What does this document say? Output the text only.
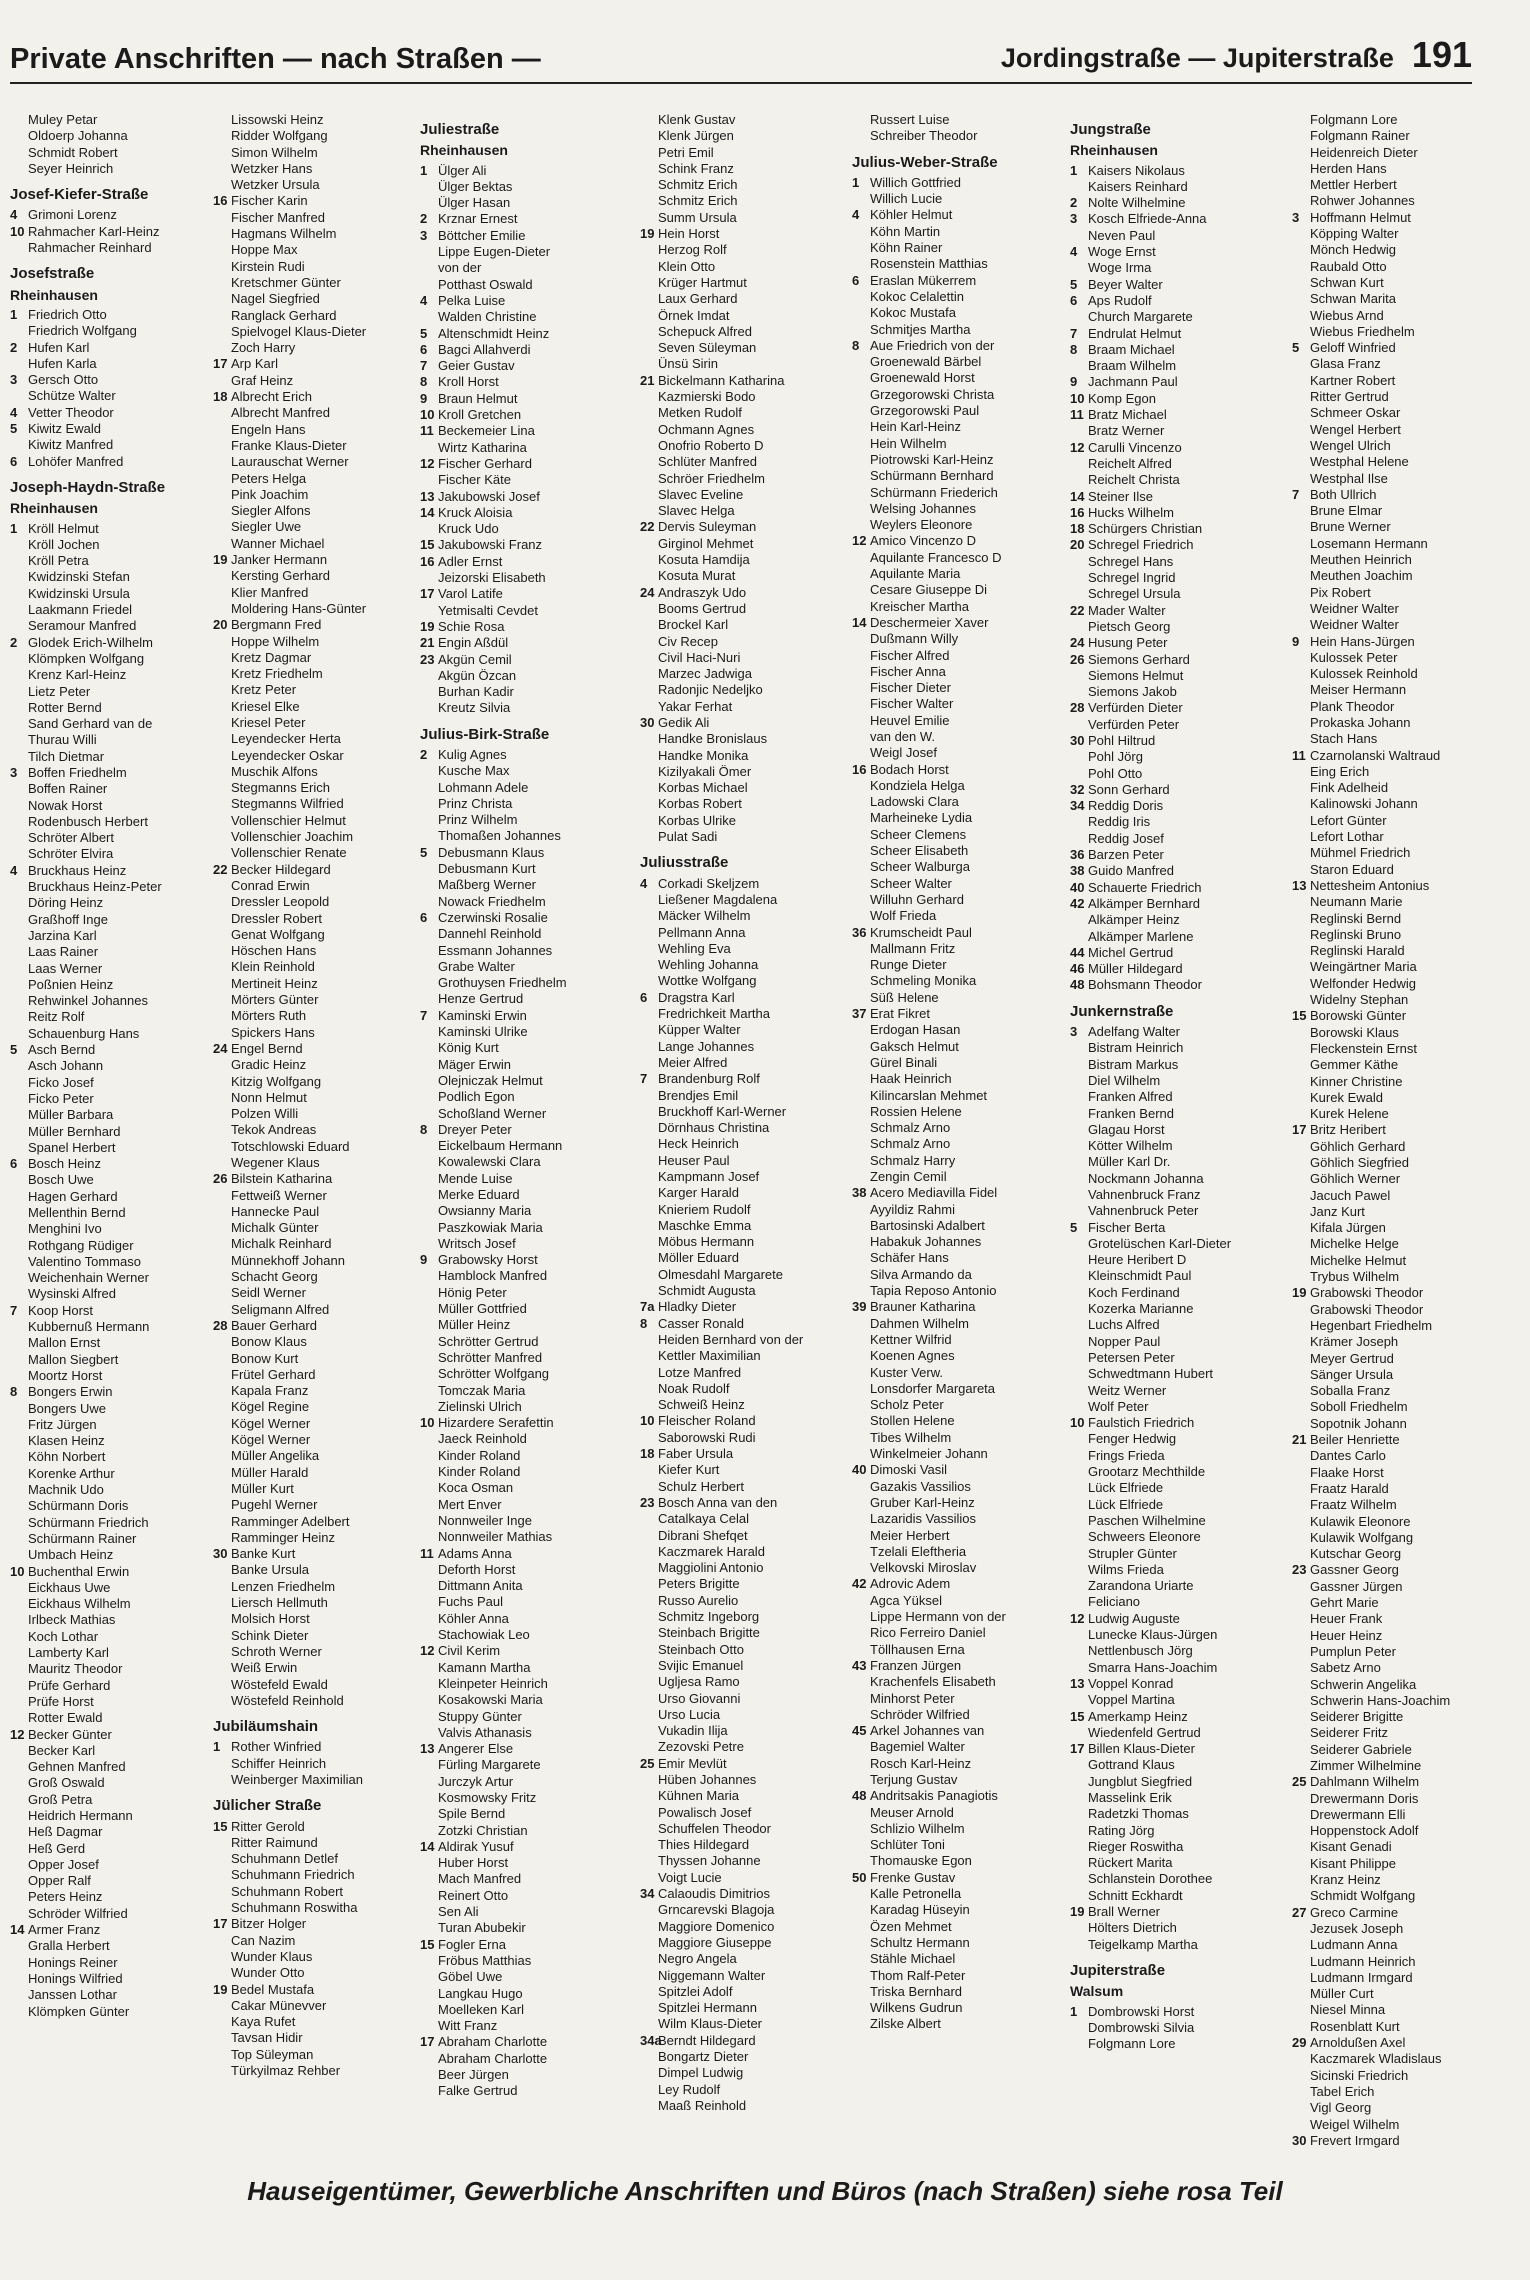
Private Anschriften — nach Straßen —	Jordingstraße — Jupiterstraße 191
Muley Petar
Oldoerp Johanna
Schmidt Robert
Seyer Heinrich
Josef-Kiefer-Straße
4 Grimoni Lorenz
10 Rahmacher Karl-Heinz
Rahmacher Reinhard
Josefstraße
Rheinhausen
1 Friedrich Otto
Friedrich Wolfgang
2 Hufen Karl
Hufen Karla
3 Gersch Otto
Schütze Walter
4 Vetter Theodor
5 Kiwitz Ewald
Kiwitz Manfred
6 Lohöfer Manfred
Joseph-Haydn-Straße
Rheinhausen
1 Kröll Helmut
Kröll Jochen
Kröll Petra
Kwidzinski Stefan
Kwidzinski Ursula
Laakmann Friedel
Seramour Manfred
2 Glodek Erich-Wilhelm
Klömpken Wolfgang
Krenz Karl-Heinz
Lietz Peter
Rotter Bernd
Sand Gerhard van de
Thurau Willi
Tilch Dietmar
3 Boffen Friedhelm
Boffen Rainer
Nowak Horst
Rodenbusch Herbert
Schröter Albert
Schröter Elvira
4 Bruckhaus Heinz
Bruckhaus Heinz-Peter
Döring Heinz
Graßhoff Inge
Jarzina Karl
Laas Rainer
Laas Werner
Poßnien Heinz
Rehwinkel Johannes
Reitz Rolf
Schauenburg Hans
5 Asch Bernd
Asch Johann
Ficko Josef
Ficko Peter
Müller Barbara
Müller Bernhard
Spanel Herbert
6 Bosch Heinz
Bosch Uwe
Hagen Gerhard
Mellenthin Bernd
Menghini Ivo
Rothgang Rüdiger
Valentino Tommaso
Weichenhain Werner
Wysinski Alfred
7 Koop Horst
Kubbernuß Hermann
Mallon Ernst
Mallon Siegbert
Moortz Horst
8 Bongers Erwin
Bongers Uwe
Fritz Jürgen
Klasen Heinz
Köhn Norbert
Korenke Arthur
Machnik Udo
Schürmann Doris
Schürmann Friedrich
Schürmann Rainer
Umbach Heinz
10 Buchenthal Erwin
Eickhaus Uwe
Eickhaus Wilhelm
Irlbeck Mathias
Koch Lothar
Lamberty Karl
Mauritz Theodor
Prüfe Gerhard
Prüfe Horst
Rotter Ewald
12 Becker Günter
Becker Karl
Gehnen Manfred
Groß Oswald
Groß Petra
Heidrich Hermann
Heß Dagmar
Heß Gerd
Opper Josef
Opper Ralf
Peters Heinz
Schröder Wilfried
14 Armer Franz
Gralla Herbert
Honings Reiner
Honings Wilfried
Janssen Lothar
Klömpken Günter
Lissowski Heinz
Ridder Wolfgang
Simon Wilhelm
Wetzker Hans
Wetzker Ursula
16 Fischer Karin
Fischer Manfred
Hagmans Wilhelm
Hoppe Max
Kirstein Rudi
Kretschmer Günter
Nagel Siegfried
Ranglack Gerhard
Spielvogel Klaus-Dieter
Zoch Harry
17 Arp Karl
Graf Heinz
18 Albrecht Erich
Albrecht Manfred
Engeln Hans
Franke Klaus-Dieter
Laurauschat Werner
Peters Helga
Pink Joachim
Siegler Alfons
Siegler Uwe
Wanner Michael
19 Janker Hermann
Kersting Gerhard
Klier Manfred
Moldering Hans-Günter
20 Bergmann Fred
Hoppe Wilhelm
Kretz Dagmar
Kretz Friedhelm
Kretz Peter
Kriesel Elke
Kriesel Peter
Leyendecker Herta
Leyendecker Oskar
Muschik Alfons
Stegmanns Erich
Stegmanns Wilfried
Vollenschier Helmut
Vollenschier Joachim
Vollenschier Renate
22 Becker Hildegard
Conrad Erwin
Dressler Leopold
Dressler Robert
Genat Wolfgang
Höschen Hans
Klein Reinhold
Mertineit Heinz
Mörters Günter
Mörters Ruth
Spickers Hans
24 Engel Bernd
Gradic Heinz
Kitzig Wolfgang
Nonn Helmut
Polzen Willi
Tekok Andreas
Totschlowski Eduard
Wegener Klaus
26 Bilstein Katharina
Fettweiß Werner
Hannecke Paul
Michalk Günter
Michalk Reinhard
Münnekhoff Johann
Schacht Georg
Seidl Werner
Seligmann Alfred
28 Bauer Gerhard
Bonow Klaus
Bonow Kurt
Frütel Gerhard
Kapala Franz
Kögel Regine
Kögel Werner
Kögel Werner
Müller Angelika
Müller Harald
Müller Kurt
Pugehl Werner
Ramminger Adelbert
Ramminger Heinz
30 Banke Kurt
Banke Ursula
Lenzen Friedhelm
Liersch Hellmuth
Molsich Horst
Schink Dieter
Schroth Werner
Weiß Erwin
Wöstefeld Ewald
Wöstefeld Reinhold
Jubiläumshain
1 Rother Winfried
Schiffer Heinrich
Weinberger Maximilian
Jülicher Straße
15 Ritter Gerold
Ritter Raimund
Schuhmann Detlef
Schuhmann Friedrich
Schuhmann Robert
Schuhmann Roswitha
17 Bitzer Holger
Can Nazim
Wunder Klaus
Wunder Otto
19 Bedel Mustafa
Cakar Münevver
Kaya Rufet
Tavsan Hidir
Top Süleyman
Türkyilmaz Rehber
Juliestraße
Rheinhausen
1 Ülger Ali
Ülger Bektas
Ülger Hasan
2 Krznar Ernest
3 Böttcher Emilie
Lippe Eugen-Dieter
von der
Potthast Oswald
4 Pelka Luise
Walden Christine
5 Altenschmidt Heinz
6 Bagci Allahverdi
7 Geier Gustav
8 Kroll Horst
9 Braun Helmut
10 Kroll Gretchen
11 Beckemeier Lina
Wirtz Katharina
12 Fischer Gerhard
Fischer Käte
13 Jakubowski Josef
14 Kruck Aloisia
Kruck Udo
15 Jakubowski Franz
16 Adler Ernst
Jeizorski Elisabeth
17 Varol Latife
Yetmisalti Cevdet
19 Schie Rosa
21 Engin Aßdül
23 Akgün Cemil
Akgün Özcan
Burhan Kadir
Kreutz Silvia
Julius-Birk-Straße
2 Kulig Agnes
Kusche Max
Lohmann Adele
Prinz Christa
Prinz Wilhelm
Thomaßen Johannes
5 Debusmann Klaus
Debusmann Kurt
Maßberg Werner
Nowack Friedhelm
6 Czerwinski Rosalie
Dannehl Reinhold
Essmann Johannes
Grabe Walter
Grothuysen Friedhelm
Henze Gertrud
7 Kaminski Erwin
Kaminski Ulrike
König Kurt
Mäger Erwin
Olejniczak Helmut
Podlich Egon
Schoßland Werner
8 Dreyer Peter
Eickelbaum Hermann
Kowalewski Clara
Mende Luise
Merke Eduard
Owsianny Maria
Paszkowiak Maria
Writsch Josef
9 Grabowsky Horst
Hamblock Manfred
Hönig Peter
Müller Gottfried
Müller Heinz
Schrötter Gertrud
Schrötter Manfred
Schrötter Wolfgang
Tomczak Maria
Zielinski Ulrich
10 Hizardere Serafettin
Jaeck Reinhold
Kinder Roland
Kinder Roland
Koca Osman
Mert Enver
Nonnweiler Inge
Nonnweiler Mathias
11 Adams Anna
Deforth Horst
Dittmann Anita
Fuchs Paul
Köhler Anna
Stachowiak Leo
12 Civil Kerim
Kamann Martha
Kleinpeter Heinrich
Kosakowski Maria
Stuppy Günter
Valvis Athanasis
13 Angerer Else
Fürling Margarete
Jurczyk Artur
Kosmowsky Fritz
Spile Bernd
Zotzki Christian
14 Aldirak Yusuf
Huber Horst
Mach Manfred
Reinert Otto
Sen Ali
Turan Abubekir
15 Fogler Erna
Fröbus Matthias
Göbel Uwe
Langkau Hugo
Moelleken Karl
Witt Franz
17 Abraham Charlotte
Abraham Charlotte
Beer Jürgen
Falke Gertrud
Klenk Gustav
Klenk Jürgen
Petri Emil
Schink Franz
Schmitz Erich
Schmitz Erich
Summ Ursula
19 Hein Horst
Herzog Rolf
Klein Otto
Krüger Hartmut
Laux Gerhard
Örnek Imdat
Schepuck Alfred
Seven Süleyman
Ünsü Sirin
21 Bickelmann Katharina
Kazmierski Bodo
Metken Rudolf
Ochmann Agnes
Onofrio Roberto D
Schlüter Manfred
Schröer Friedhelm
Slavec Eveline
Slavec Helga
22 Dervis Suleyman
Girginol Mehmet
Kosuta Hamdija
Kosuta Murat
24 Andraszyk Udo
Booms Gertrud
Brockel Karl
Civ Recep
Civil Haci-Nuri
Marzec Jadwiga
Radonjic Nedeljko
Yakar Ferhat
30 Gedik Ali
Handke Bronislaus
Handke Monika
Kizilyakali Ömer
Korbas Michael
Korbas Robert
Korbas Ulrike
Pulat Sadi
Juliusstraße
4 Corkadi Skeljzem
Ließener Magdalena
Mäcker Wilhelm
Pellmann Anna
Wehling Eva
Wehling Johanna
Wottke Wolfgang
6 Dragstra Karl
Fredrichkeit Martha
Küpper Walter
Lange Johannes
Meier Alfred
7 Brandenburg Rolf
Brendjes Emil
Bruckhoff Karl-Werner
Dörnhaus Christina
Heck Heinrich
Heuser Paul
Kampmann Josef
Karger Harald
Knieriem Rudolf
Maschke Emma
Möbus Hermann
Möller Eduard
Olmesdahl Margarete
Schmidt Augusta
7a Hladky Dieter
8 Casser Ronald
Heiden Bernhard von der
Kettler Maximilian
Lotze Manfred
Noak Rudolf
Schweiß Heinz
10 Fleischer Roland
Saborowski Rudi
18 Faber Ursula
Kiefer Kurt
Schulz Herbert
23 Bosch Anna van den
Catalkaya Celal
Dibrani Shefqet
Kaczmarek Harald
Maggiolini Antonio
Peters Brigitte
Russo Aurelio
Schmitz Ingeborg
Steinbach Brigitte
Steinbach Otto
Svijic Emanuel
Ugljesa Ramo
Urso Giovanni
Urso Lucia
Vukadin Ilija
Zezovski Petre
25 Emir Mevlüt
Hüben Johannes
Kühnen Maria
Powalisch Josef
Schuffelen Theodor
Thies Hildegard
Thyssen Johanne
Voigt Lucie
34 Calaoudis Dimitrios
Grncarevski Blagoja
Maggiore Domenico
Maggiore Giuseppe
Negro Angela
Niggemann Walter
Spitzlei Adolf
Spitzlei Hermann
Wilm Klaus-Dieter
34aBerndt Hildegard
Bongartz Dieter
Dimpel Ludwig
Ley Rudolf
Maaß Reinhold
Russert Luise
Schreiber Theodor
Julius-Weber-Straße
1 Willich Gottfried
Willich Lucie
4 Köhler Helmut
Köhn Martin
Köhn Rainer
Rosenstein Matthias
6 Eraslan Mükerrem
Kokoc Celalettin
Kokoc Mustafa
Schmitjes Martha
8 Aue Friedrich von der
Groenewald Bärbel
Groenewald Horst
Grzegorowski Christa
Grzegorowski Paul
Hein Karl-Heinz
Hein Wilhelm
Piotrowski Karl-Heinz
Schürmann Bernhard
Schürmann Friederich
Welsing Johannes
Weylers Eleonore
12 Amico Vincenzo D
Aquilante Francesco D
Aquilante Maria
Cesare Giuseppe Di
Kreischer Martha
14 Deschermeier Xaver
Dußmann Willy
Fischer Alfred
Fischer Anna
Fischer Dieter
Fischer Walter
Heuvel Emilie
van den W.
Weigl Josef
16 Bodach Horst
Kondziela Helga
Ladowski Clara
Marheineke Lydia
Scheer Clemens
Scheer Elisabeth
Scheer Walburga
Scheer Walter
Willuhn Gerhard
Wolf Frieda
36 Krumscheidt Paul
Mallmann Fritz
Runge Dieter
Schmeling Monika
Süß Helene
37 Erat Fikret
Erdogan Hasan
Gaksch Helmut
Gürel Binali
Haak Heinrich
Kilincarslan Mehmet
Rossien Helene
Schmalz Arno
Schmalz Arno
Schmalz Harry
Zengin Cemil
38 Acero Mediavilla Fidel
Ayyildiz Rahmi
Bartosinski Adalbert
Habakuk Johannes
Schäfer Hans
Silva Armando da
Tapia Reposo Antonio
39 Brauner Katharina
Dahmen Wilhelm
Kettner Wilfrid
Koenen Agnes
Kuster Verw.
Lonsdorfer Margareta
Scholz Peter
Stollen Helene
Tibes Wilhelm
Winkelmeier Johann
40 Dimoski Vasil
Gazakis Vassilios
Gruber Karl-Heinz
Lazaridis Vassilios
Meier Herbert
Tzelali Eleftheria
Velkovski Miroslav
42 Adrovic Adem
Agca Yüksel
Lippe Hermann von der
Rico Ferreiro Daniel
Töllhausen Erna
43 Franzen Jürgen
Krachenfels Elisabeth
Minhorst Peter
Schröder Wilfried
45 Arkel Johannes van
Bagemiel Walter
Rosch Karl-Heinz
Terjung Gustav
48 Andritsakis Panagiotis
Meuser Arnold
Schlizio Wilhelm
Schlüter Toni
Thomauske Egon
50 Frenke Gustav
Kalle Petronella
Karadag Hüseyin
Özen Mehmet
Schultz Hermann
Stähle Michael
Thom Ralf-Peter
Triska Bernhard
Wilkens Gudrun
Zilske Albert
Jungstraße
Rheinhausen
1 Kaisers Nikolaus
Kaisers Reinhard
2 Nolte Wilhelmine
3 Kosch Elfriede-Anna
Neven Paul
4 Woge Ernst
Woge Irma
5 Beyer Walter
6 Aps Rudolf
Church Margarete
7 Endrulat Helmut
8 Braam Michael
Braam Wilhelm
9 Jachmann Paul
10 Komp Egon
11 Bratz Michael
Bratz Werner
12 Carulli Vincenzo
Reichelt Alfred
Reichelt Christa
14 Steiner Ilse
16 Hucks Wilhelm
18 Schürgers Christian
20 Schregel Friedrich
Schregel Hans
Schregel Ingrid
Schregel Ursula
22 Mader Walter
Pietsch Georg
24 Husung Peter
26 Siemons Gerhard
Siemons Helmut
Siemons Jakob
28 Verfürden Dieter
Verfürden Peter
30 Pohl Hiltrud
Pohl Jörg
Pohl Otto
32 Sonn Gerhard
34 Reddig Doris
Reddig Iris
Reddig Josef
36 Barzen Peter
38 Guido Manfred
40 Schauerte Friedrich
42 Alkämper Bernhard
Alkämper Heinz
Alkämper Marlene
44 Michel Gertrud
46 Müller Hildegard
48 Bohsmann Theodor
Junkernstraße
3 Adelfang Walter
Bistram Heinrich
Bistram Markus
Diel Wilhelm
Franken Alfred
Franken Bernd
Glagau Horst
Kötter Wilhelm
Müller Karl Dr.
Nockmann Johanna
Vahnenbruck Franz
Vahnenbruck Peter
5 Fischer Berta
Grotelüschen Karl-Dieter
Heure Heribert D
Kleinschmidt Paul
Koch Ferdinand
Kozerka Marianne
Luchs Alfred
Nopper Paul
Petersen Peter
Schwedtmann Hubert
Weitz Werner
Wolf Peter
10 Faulstich Friedrich
Fenger Hedwig
Frings Frieda
Grootarz Mechthilde
Lück Elfriede
Lück Elfriede
Paschen Wilhelmine
Schweers Eleonore
Strupler Günter
Wilms Frieda
Zarandona Uriarte
Feliciano
12 Ludwig Auguste
Lunecke Klaus-Jürgen
Nettlenbusch Jörg
Smarra Hans-Joachim
13 Voppel Konrad
Voppel Martina
15 Amerkamp Heinz
Wiedenfeld Gertrud
17 Billen Klaus-Dieter
Gottrand Klaus
Jungblut Siegfried
Masselink Erik
Radetzki Thomas
Rating Jörg
Rieger Roswitha
Rückert Marita
Schlanstein Dorothee
Schnitt Eckhardt
19 Brall Werner
Hölters Dietrich
Teigelkamp Martha
Jupiterstraße
Walsum
1 Dombrowski Horst
Dombrowski Silvia
Folgmann Lore
Folgmann Lore
Folgmann Rainer
Heidenreich Dieter
Herden Hans
Mettler Herbert
Rohwer Johannes
3 Hoffmann Helmut
Köpping Walter
Mönch Hedwig
Raubald Otto
Schwan Kurt
Schwan Marita
Wiebus Arnd
Wiebus Friedhelm
5 Geloff Winfried
Glasa Franz
Kartner Robert
Ritter Gertrud
Schmeer Oskar
Wengel Herbert
Wengel Ulrich
Westphal Helene
Westphal Ilse
7 Both Ullrich
Brune Elmar
Brune Werner
Losemann Hermann
Meuthen Heinrich
Meuthen Joachim
Pix Robert
Weidner Walter
Weidner Walter
9 Hein Hans-Jürgen
Kulossek Peter
Kulossek Reinhold
Meiser Hermann
Plank Theodor
Prokaska Johann
Stach Hans
11 Czarnolanski Waltraud
Eing Erich
Fink Adelheid
Kalinowski Johann
Lefort Günter
Lefort Lothar
Mühmel Friedrich
Staron Eduard
13 Nettesheim Antonius
Neumann Marie
Reglinski Bernd
Reglinski Bruno
Reglinski Harald
Weingärtner Maria
Welfonder Hedwig
Widelny Stephan
15 Borowski Günter
Borowski Klaus
Fleckenstein Ernst
Gemmer Käthe
Kinner Christine
Kurek Ewald
Kurek Helene
17 Britz Heribert
Göhlich Gerhard
Göhlich Siegfried
Göhlich Werner
Jacuch Pawel
Janz Kurt
Kifala Jürgen
Michelke Helge
Michelke Helmut
Trybus Wilhelm
19 Grabowski Theodor
Grabowski Theodor
Hegenbart Friedhelm
Krämer Joseph
Meyer Gertrud
Sänger Ursula
Soballa Franz
Soboll Friedhelm
Sopotnik Johann
21 Beiler Henriette
Dantes Carlo
Flaake Horst
Fraatz Harald
Fraatz Wilhelm
Kulawik Eleonore
Kulawik Wolfgang
Kutschar Georg
23 Gassner Georg
Gassner Jürgen
Gehrt Marie
Heuer Frank
Heuer Heinz
Pumplun Peter
Sabetz Arno
Schwerin Angelika
Schwerin Hans-Joachim
Seiderer Brigitte
Seiderer Fritz
Seiderer Gabriele
Zimmer Wilhelmine
25 Dahlmann Wilhelm
Drewermann Doris
Drewermann Elli
Hoppenstock Adolf
Kisant Genadi
Kisant Philippe
Kranz Heinz
Schmidt Wolfgang
27 Greco Carmine
Jezusek Joseph
Ludmann Anna
Ludmann Heinrich
Ludmann Irmgard
Müller Curt
Niesel Minna
Rosenblatt Kurt
29 Arnoldußen Axel
Kaczmarek Wladislaus
Sicinski Friedrich
Tabel Erich
Vigl Georg
Weigel Wilhelm
30 Frevert Irmgard
Hauseigentümer, Gewerbliche Anschriften und Büros (nach Straßen) siehe rosa Teil
